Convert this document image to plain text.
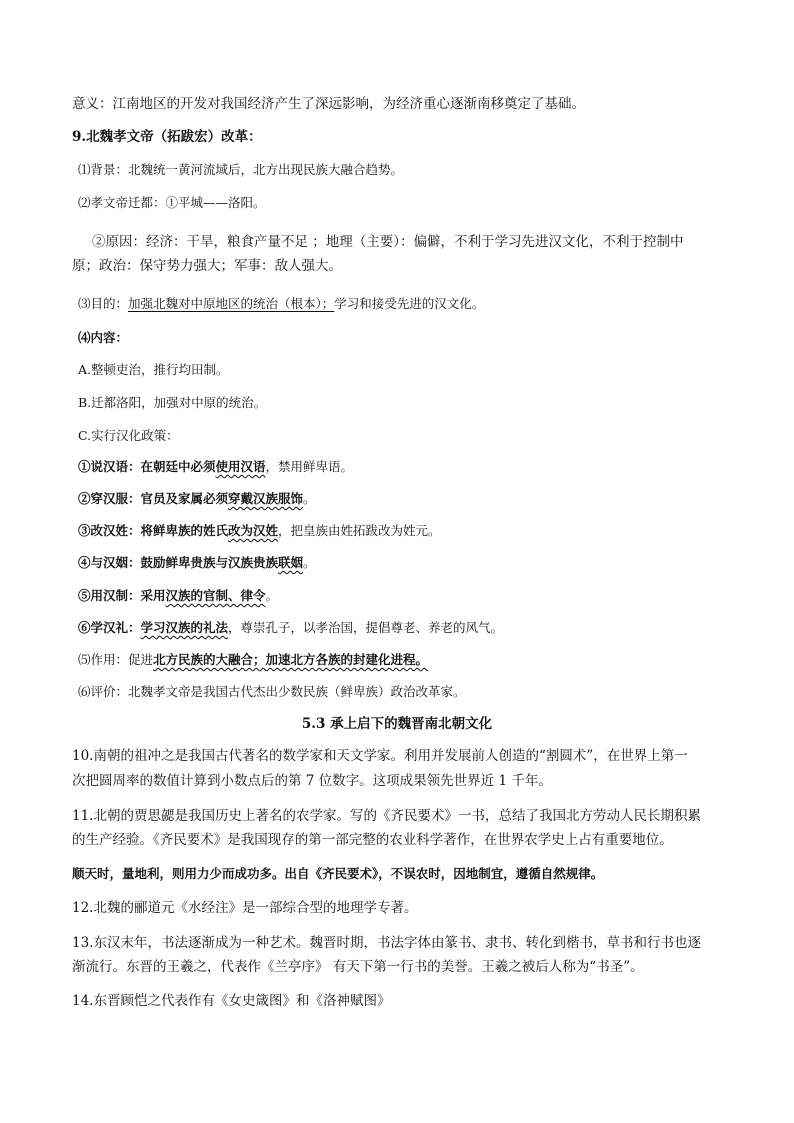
意义：江南地区的开发对我国经济产生了深远影响，为经济重心逐渐南移奠定了基础。
9.北魏孝文帝（拓跋宏）改革：
⑴背景：北魏统一黄河流域后，北方出现民族大融合趋势。
⑵孝文帝迁都：①平城——洛阳。
②原因：经济：干旱，粮食产量不足 ；地理（主要）：偏僻，不利于学习先进汉文化，不利于控制中
原；政治：保守势力强大；军事：敌人强大。
⑶目的：加强北魏对中原地区的统治（根本）；学习和接受先进的汉文化。
⑷内容：
A.整顿吏治，推行均田制。
B.迁都洛阳，加强对中原的统治。
C.实行汉化政策：
①说汉语：在朝廷中必须使用汉语，禁用鲜卑语。
②穿汉服：官员及家属必须穿戴汉族服饰。
③改汉姓：将鲜卑族的姓氏改为汉姓，把皇族由姓拓跋改为姓元。
④与汉姻：鼓励鲜卑贵族与汉族贵族联姻。
⑤用汉制：采用汉族的官制、律令。
⑥学汉礼：学习汉族的礼法，尊崇孔子，以孝治国，提倡尊老、养老的风气。
⑸作用：促进北方民族的大融合；加速北方各族的封建化进程。
⑹评价：北魏孝文帝是我国古代杰出少数民族（鲜卑族）政治改革家。
5.3 承上启下的魏晋南北朝文化
10.南朝的祖冲之是我国古代著名的数学家和天文学家。利用并发展前人创造的“割圆术”，在世界上第一
次把圆周率的数值计算到小数点后的第 7 位数字。这项成果领先世界近 1 千年。
11.北朝的贾思勰是我国历史上著名的农学家。写的《齐民要术》一书，总结了我国北方劳动人民长期积累
的生产经验。《齐民要术》是我国现存的第一部完整的农业科学著作，在世界农学史上占有重要地位。
顺天时，量地利，则用力少而成功多。出自《齐民要术》，不误农时，因地制宜，遵循自然规律。
12.北魏的郦道元《水经注》是一部综合型的地理学专著。
13.东汉末年，书法逐渐成为一种艺术。魏晋时期，书法字体由篆书、隶书、转化到楷书，草书和行书也逐
渐流行。东晋的王羲之，代表作《兰亭序》 有天下第一行书的美誉。王羲之被后人称为“书圣”。
14.东晋顾恺之代表作有《女史箴图》和《洛神赋图》
